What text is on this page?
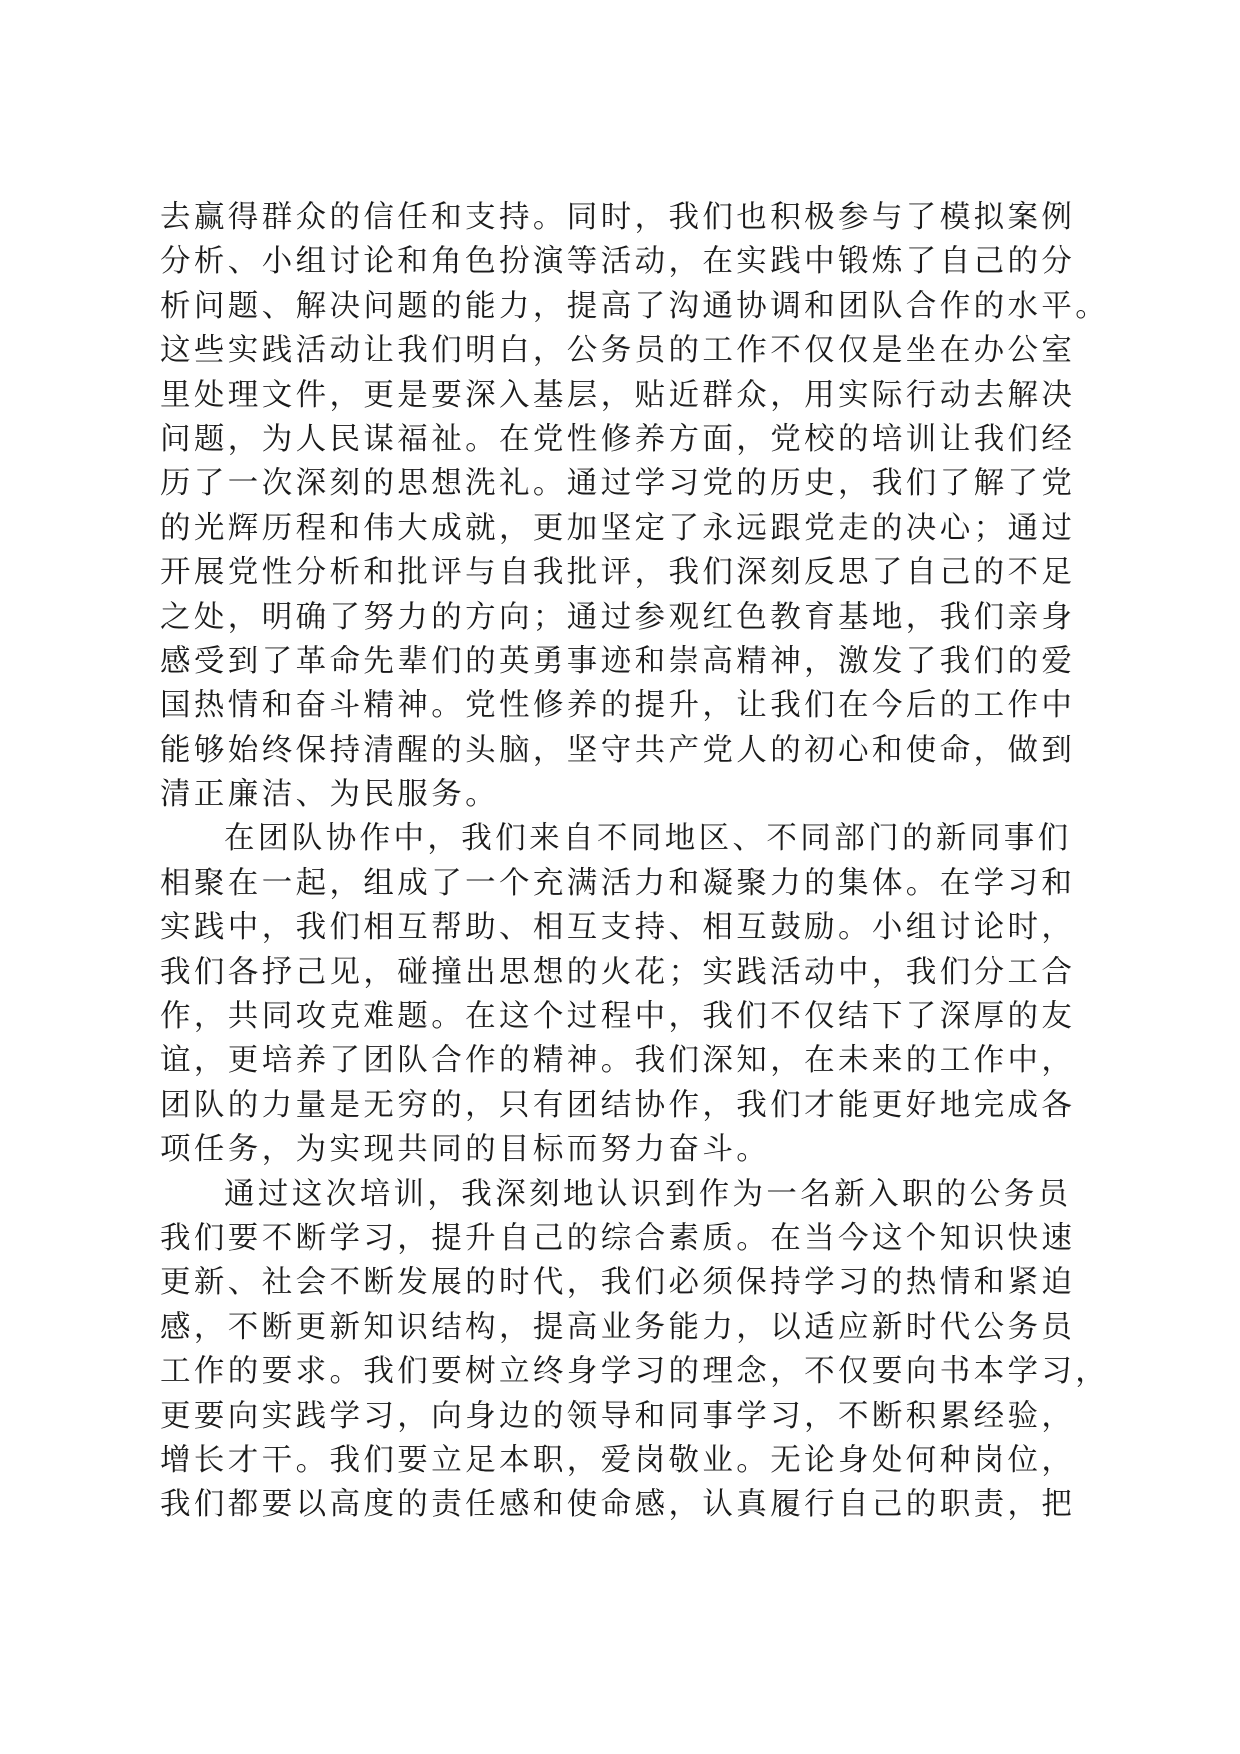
去赢得群众的信任和支持。同时，我们也积极参与了模拟案例
分析、小组讨论和角色扮演等活动，在实践中锻炼了自己的分
析问题、解决问题的能力，提高了沟通协调和团队合作的水平。
这些实践活动让我们明白，公务员的工作不仅仅是坐在办公室
里处理文件，更是要深入基层，贴近群众，用实际行动去解决
问题，为人民谋福祉。在党性修养方面，党校的培训让我们经
历了一次深刻的思想洗礼。通过学习党的历史，我们了解了党
的光辉历程和伟大成就，更加坚定了永远跟党走的决心；通过
开展党性分析和批评与自我批评，我们深刻反思了自己的不足
之处，明确了努力的方向；通过参观红色教育基地，我们亲身
感受到了革命先辈们的英勇事迹和崇高精神，激发了我们的爱
国热情和奋斗精神。党性修养的提升，让我们在今后的工作中
能够始终保持清醒的头脑，坚守共产党人的初心和使命，做到
清正廉洁、为民服务。
在团队协作中，我们来自不同地区、不同部门的新同事们
相聚在一起，组成了一个充满活力和凝聚力的集体。在学习和
实践中，我们相互帮助、相互支持、相互鼓励。小组讨论时，
我们各抒己见，碰撞出思想的火花；实践活动中，我们分工合
作，共同攻克难题。在这个过程中，我们不仅结下了深厚的友
谊，更培养了团队合作的精神。我们深知，在未来的工作中，
团队的力量是无穷的，只有团结协作，我们才能更好地完成各
项任务，为实现共同的目标而努力奋斗。
通过这次培训，我深刻地认识到作为一名新入职的公务员
我们要不断学习，提升自己的综合素质。在当今这个知识快速
更新、社会不断发展的时代，我们必须保持学习的热情和紧迫
感，不断更新知识结构，提高业务能力，以适应新时代公务员
工作的要求。我们要树立终身学习的理念，不仅要向书本学习，
更要向实践学习，向身边的领导和同事学习，不断积累经验，
增长才干。我们要立足本职，爱岗敬业。无论身处何种岗位，
我们都要以高度的责任感和使命感，认真履行自己的职责，把
